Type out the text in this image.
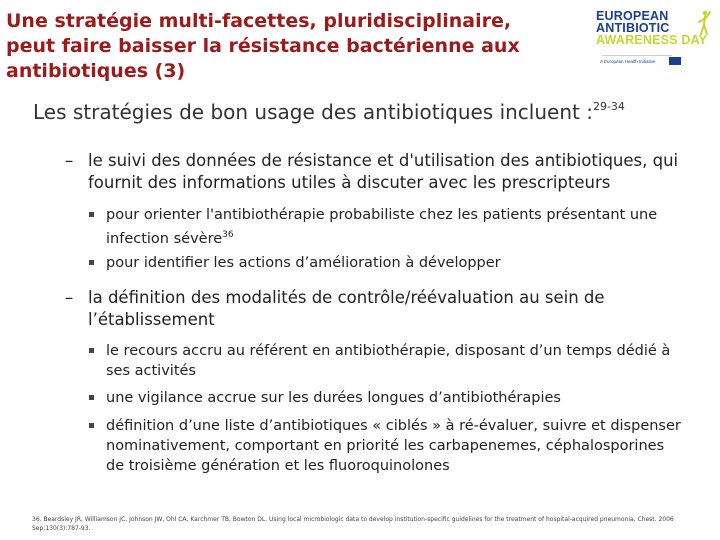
Une stratégie multi-facettes, pluridisciplinaire, peut faire baisser la résistance bactérienne aux antibiotiques (3)
EUROPEAN
ANTIBIOTIC
AWARENESS DAY
A European Health Initiative

Les stratégies de bon usage des antibiotiques incluent :$^{29-34}$

– le suivi des données de résistance et d'utilisation des antibiotiques, qui fournit des informations utiles à discuter avec les prescripteurs
pour orienter l'antibiothérapie probabiliste chez les patients présentant une infection sévère$^{36}$
pour identifier les actions d’amélioration à développer
– la définition des modalités de contrôle/réévaluation au sein de l’établissement
le recours accru au référent en antibiothérapie, disposant d’un temps dédié à ses activités
une vigilance accrue sur les durées longues d’antibiothérapies
définition d’une liste d’antibiotiques « ciblés » à ré-évaluer, suivre et dispenser nominativement, comportant en priorité les carbapenemes, céphalosporines de troisième génération et les fluoroquinolones
36. Beardsley JR, Williamson JC, Johnson JW, Ohl CA, Karchmer TB, Bowton DL. Using local microbiologic data to develop institution-specific guidelines for the treatment of hospital-acquired pneumonia. Chest. 2006 Sep;130(3):787-93.
